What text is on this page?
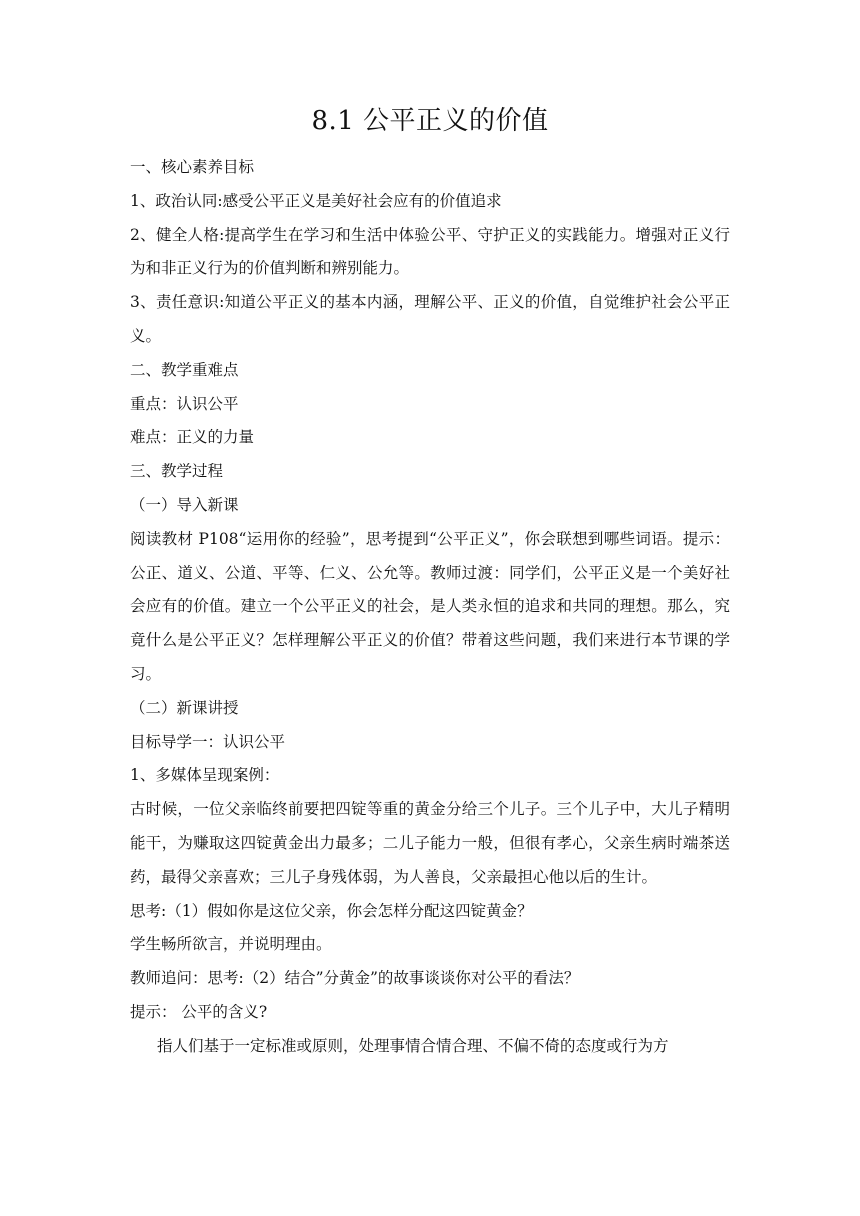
8.1 公平正义的价值

一、核心素养目标

1、政治认同:感受公平正义是美好社会应有的价值追求

2、健全人格:提高学生在学习和生活中体验公平、守护正义的实践能力。增强对正义行为和非正义行为的价值判断和辨别能力。

3、责任意识:知道公平正义的基本内涵，理解公平、正义的价值，自觉维护社会公平正义。

二、教学重难点

重点：认识公平

难点：正义的力量

三、教学过程

（一）导入新课

阅读教材 P108“运用你的经验”，思考提到“公平正义”，你会联想到哪些词语。提示：公正、道义、公道、平等、仁义、公允等。教师过渡：同学们，公平正义是一个美好社会应有的价值。建立一个公平正义的社会，是人类永恒的追求和共同的理想。那么，究竟什么是公平正义？怎样理解公平正义的价值？带着这些问题，我们来进行本节课的学习。

（二）新课讲授

目标导学一：认识公平

1、多媒体呈现案例：

古时候，一位父亲临终前要把四锭等重的黄金分给三个儿子。三个儿子中，大儿子精明能干，为赚取这四锭黄金出力最多；二儿子能力一般，但很有孝心，父亲生病时端茶送药，最得父亲喜欢；三儿子身残体弱，为人善良，父亲最担心他以后的生计。

思考:（1）假如你是这位父亲，你会怎样分配这四锭黄金？

学生畅所欲言，并说明理由。

教师追问：思考:（2）结合”分黄金”的故事谈谈你对公平的看法？

提示： 公平的含义?

指人们基于一定标准或原则，处理事情合情合理、不偏不倚的态度或行为方
